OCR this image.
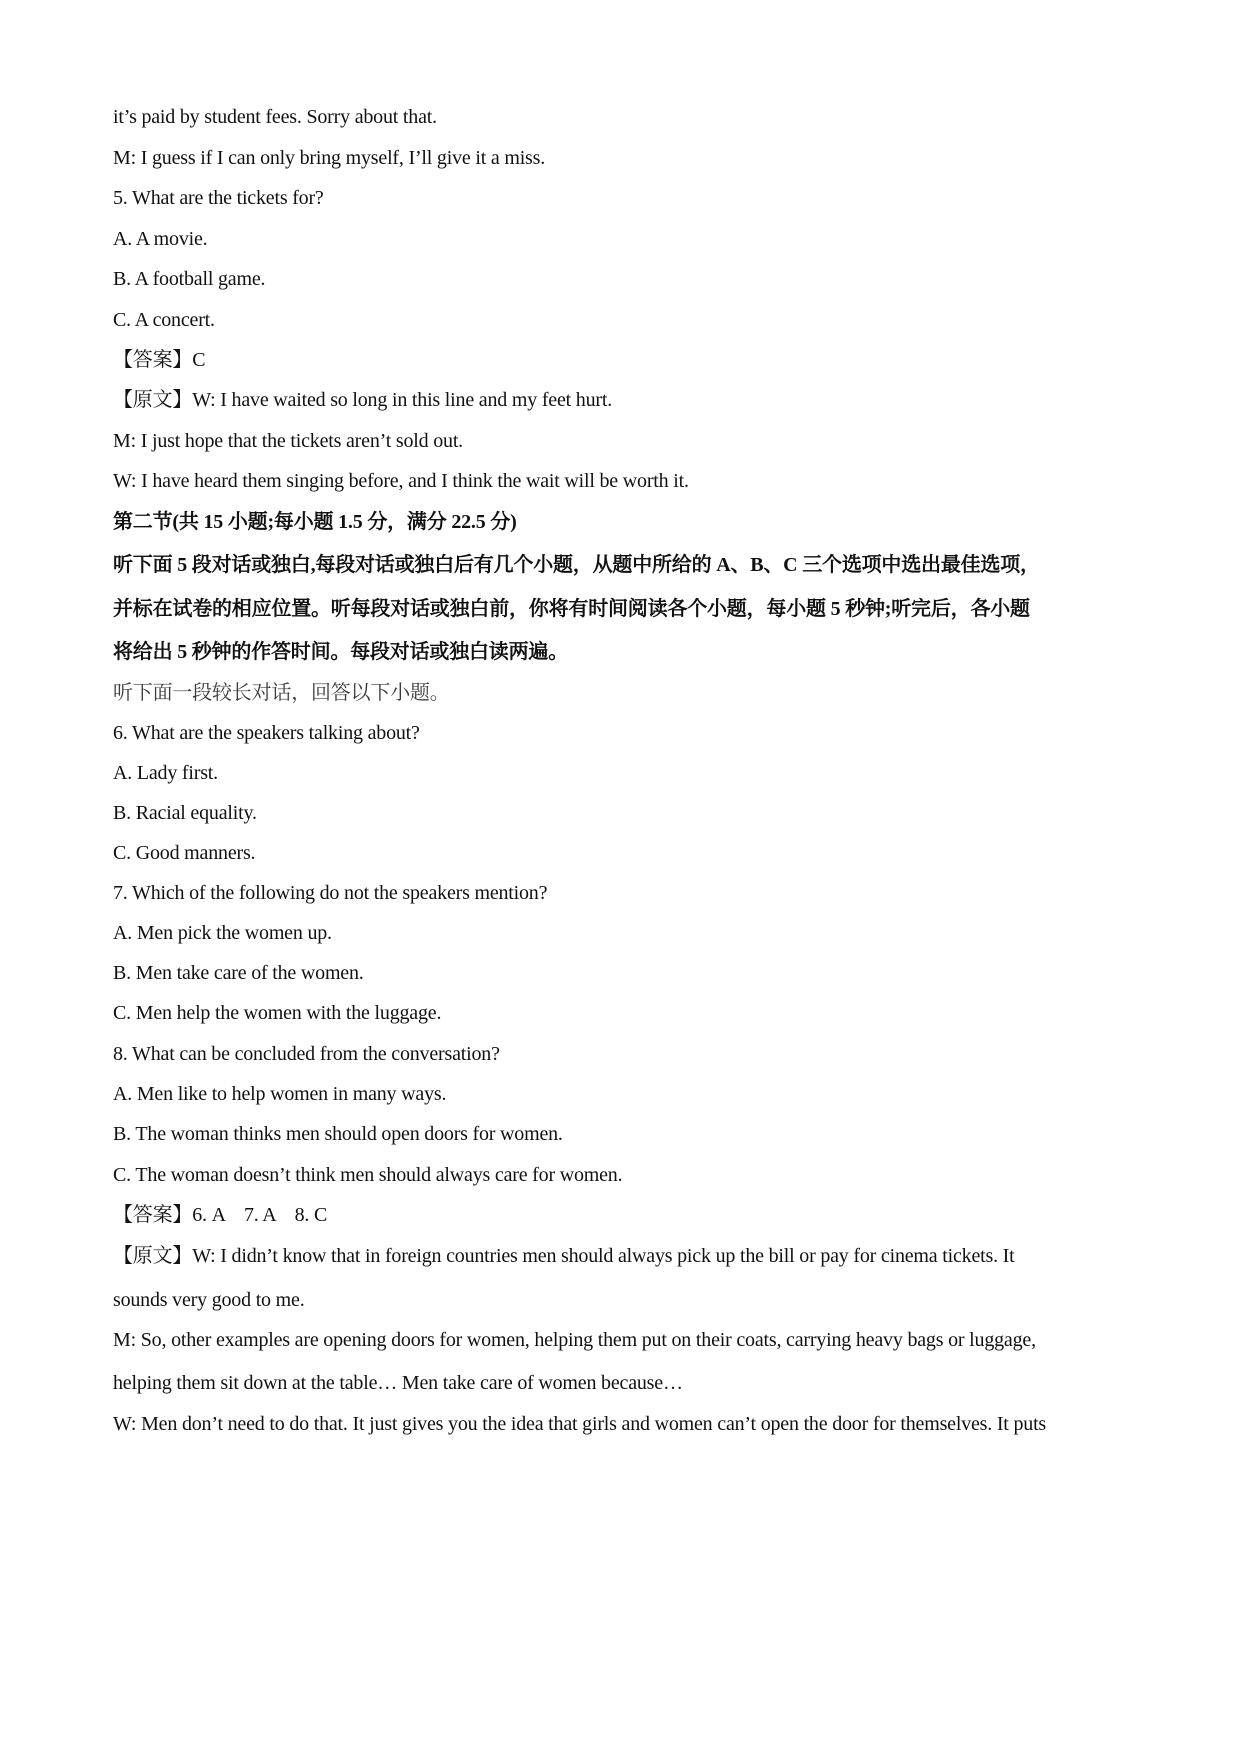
it’s paid by student fees. Sorry about that.
M: I guess if I can only bring myself, I’ll give it a miss.
5. What are the tickets for?
A. A movie.
B. A football game.
C. A concert.
【答案】C
【原文】W: I have waited so long in this line and my feet hurt.
M: I just hope that the tickets aren’t sold out.
W: I have heard them singing before, and I think the wait will be worth it.
第二节(共 15 小题;每小题 1.5 分，满分 22.5 分)
听下面 5 段对话或独白,每段对话或独白后有几个小题，从题中所给的 A、B、C 三个选项中选出最佳选项，
并标在试卷的相应位置。听每段对话或独白前，你将有时间阅读各个小题，每小题 5 秒钟;听完后，各小题
将给出 5 秒钟的作答时间。每段对话或独白读两遍。
听下面一段较长对话，回答以下小题。
6. What are the speakers talking about?
A. Lady first.
B. Racial equality.
C. Good manners.
7. Which of the following do not the speakers mention?
A. Men pick the women up.
B. Men take care of the women.
C. Men help the women with the luggage.
8. What can be concluded from the conversation?
A. Men like to help women in many ways.
B. The woman thinks men should open doors for women.
C. The woman doesn’t think men should always care for women.
【答案】6. A    7. A    8. C
【原文】W: I didn’t know that in foreign countries men should always pick up the bill or pay for cinema tickets. It
sounds very good to me.
M: So, other examples are opening doors for women, helping them put on their coats, carrying heavy bags or luggage,
helping them sit down at the table… Men take care of women because…
W: Men don’t need to do that. It just gives you the idea that girls and women can’t open the door for themselves. It puts
